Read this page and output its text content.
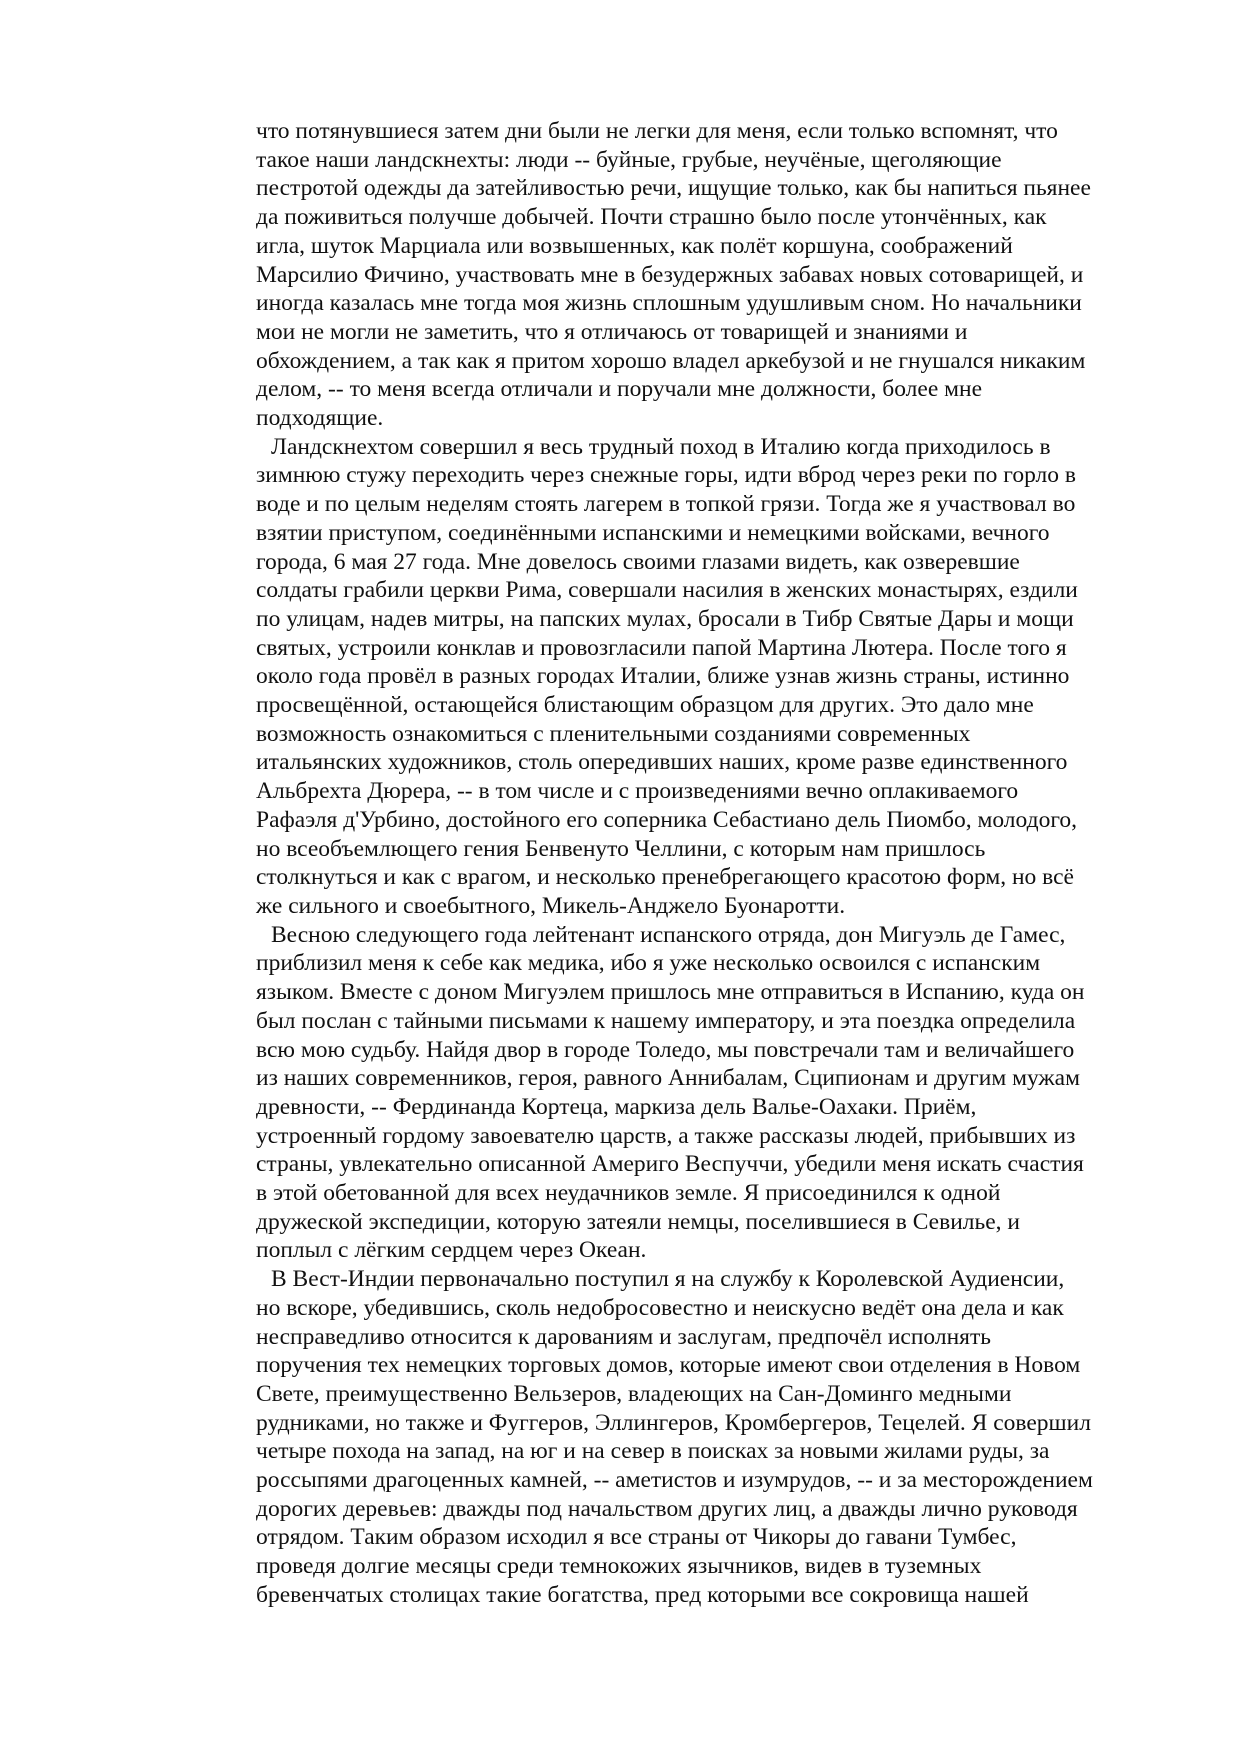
что потянувшиеся затем дни были не легки для меня, если только вспомнят, что
такое наши ландскнехты: люди -- буйные, грубые, неучёные, щеголяющие
пестротой одежды да затейливостью речи, ищущие только, как бы напиться пьянее
да поживиться получше добычей. Почти страшно было после утончённых, как
игла, шуток Марциала или возвышенных, как полёт коршуна, соображений
Марсилио Фичино, участвовать мне в безудержных забавах новых сотоварищей, и
иногда казалась мне тогда моя жизнь сплошным удушливым сном. Но начальники
мои не могли не заметить, что я отличаюсь от товарищей и знаниями и
обхождением, а так как я притом хорошо владел аркебузой и не гнушался никаким
делом, -- то меня всегда отличали и поручали мне должности, более мне
подходящие.
Ландскнехтом совершил я весь трудный поход в Италию когда приходилось в
зимнюю стужу переходить через снежные горы, идти вброд через реки по горло в
воде и по целым неделям стоять лагерем в топкой грязи. Тогда же я участвовал во
взятии приступом, соединёнными испанскими и немецкими войсками, вечного
города, 6 мая 27 года. Мне довелось своими глазами видеть, как озверевшие
солдаты грабили церкви Рима, совершали насилия в женских монастырях, ездили
по улицам, надев митры, на папских мулах, бросали в Тибр Святые Дары и мощи
святых, устроили конклав и провозгласили папой Мартина Лютера. После того я
около года провёл в разных городах Италии, ближе узнав жизнь страны, истинно
просвещённой, остающейся блистающим образцом для других. Это дало мне
возможность ознакомиться с пленительными созданиями современных
итальянских художников, столь опередивших наших, кроме разве единственного
Альбрехта Дюрера, -- в том числе и с произведениями вечно оплакиваемого
Рафаэля д'Урбино, достойного его соперника Себастиано дель Пиомбо, молодого,
но всеобъемлющего гения Бенвенуто Челлини, с которым нам пришлось
столкнуться и как с врагом, и несколько пренебрегающего красотою форм, но всё
же сильного и своебытного, Микель-Анджело Буонаротти.
Весною следующего года лейтенант испанского отряда, дон Мигуэль де Гамес,
приблизил меня к себе как медика, ибо я уже несколько освоился с испанским
языком. Вместе с доном Мигуэлем пришлось мне отправиться в Испанию, куда он
был послан с тайными письмами к нашему императору, и эта поездка определила
всю мою судьбу. Найдя двор в городе Толедо, мы повстречали там и величайшего
из наших современников, героя, равного Аннибалам, Сципионам и другим мужам
древности, -- Фердинанда Кортеца, маркиза дель Валье-Оахаки. Приём,
устроенный гордому завоевателю царств, а также рассказы людей, прибывших из
страны, увлекательно описанной Америго Веспуччи, убедили меня искать счастия
в этой обетованной для всех неудачников земле. Я присоединился к одной
дружеской экспедиции, которую затеяли немцы, поселившиеся в Севилье, и
поплыл с лёгким сердцем через Океан.
В Вест-Индии первоначально поступил я на службу к Королевской Аудиенсии,
но вскоре, убедившись, сколь недобросовестно и неискусно ведёт она дела и как
несправедливо относится к дарованиям и заслугам, предпочёл исполнять
поручения тех немецких торговых домов, которые имеют свои отделения в Новом
Свете, преимущественно Вельзеров, владеющих на Сан-Доминго медными
рудниками, но также и Фуггеров, Эллингеров, Кромбергеров, Тецелей. Я совершил
четыре похода на запад, на юг и на север в поисках за новыми жилами руды, за
россыпями драгоценных камней, -- аметистов и изумрудов, -- и за месторождением
дорогих деревьев: дважды под начальством других лиц, а дважды лично руководя
отрядом. Таким образом исходил я все страны от Чикоры до гавани Тумбес,
проведя долгие месяцы среди темнокожих язычников, видев в туземных
бревенчатых столицах такие богатства, пред которыми все сокровища нашей
